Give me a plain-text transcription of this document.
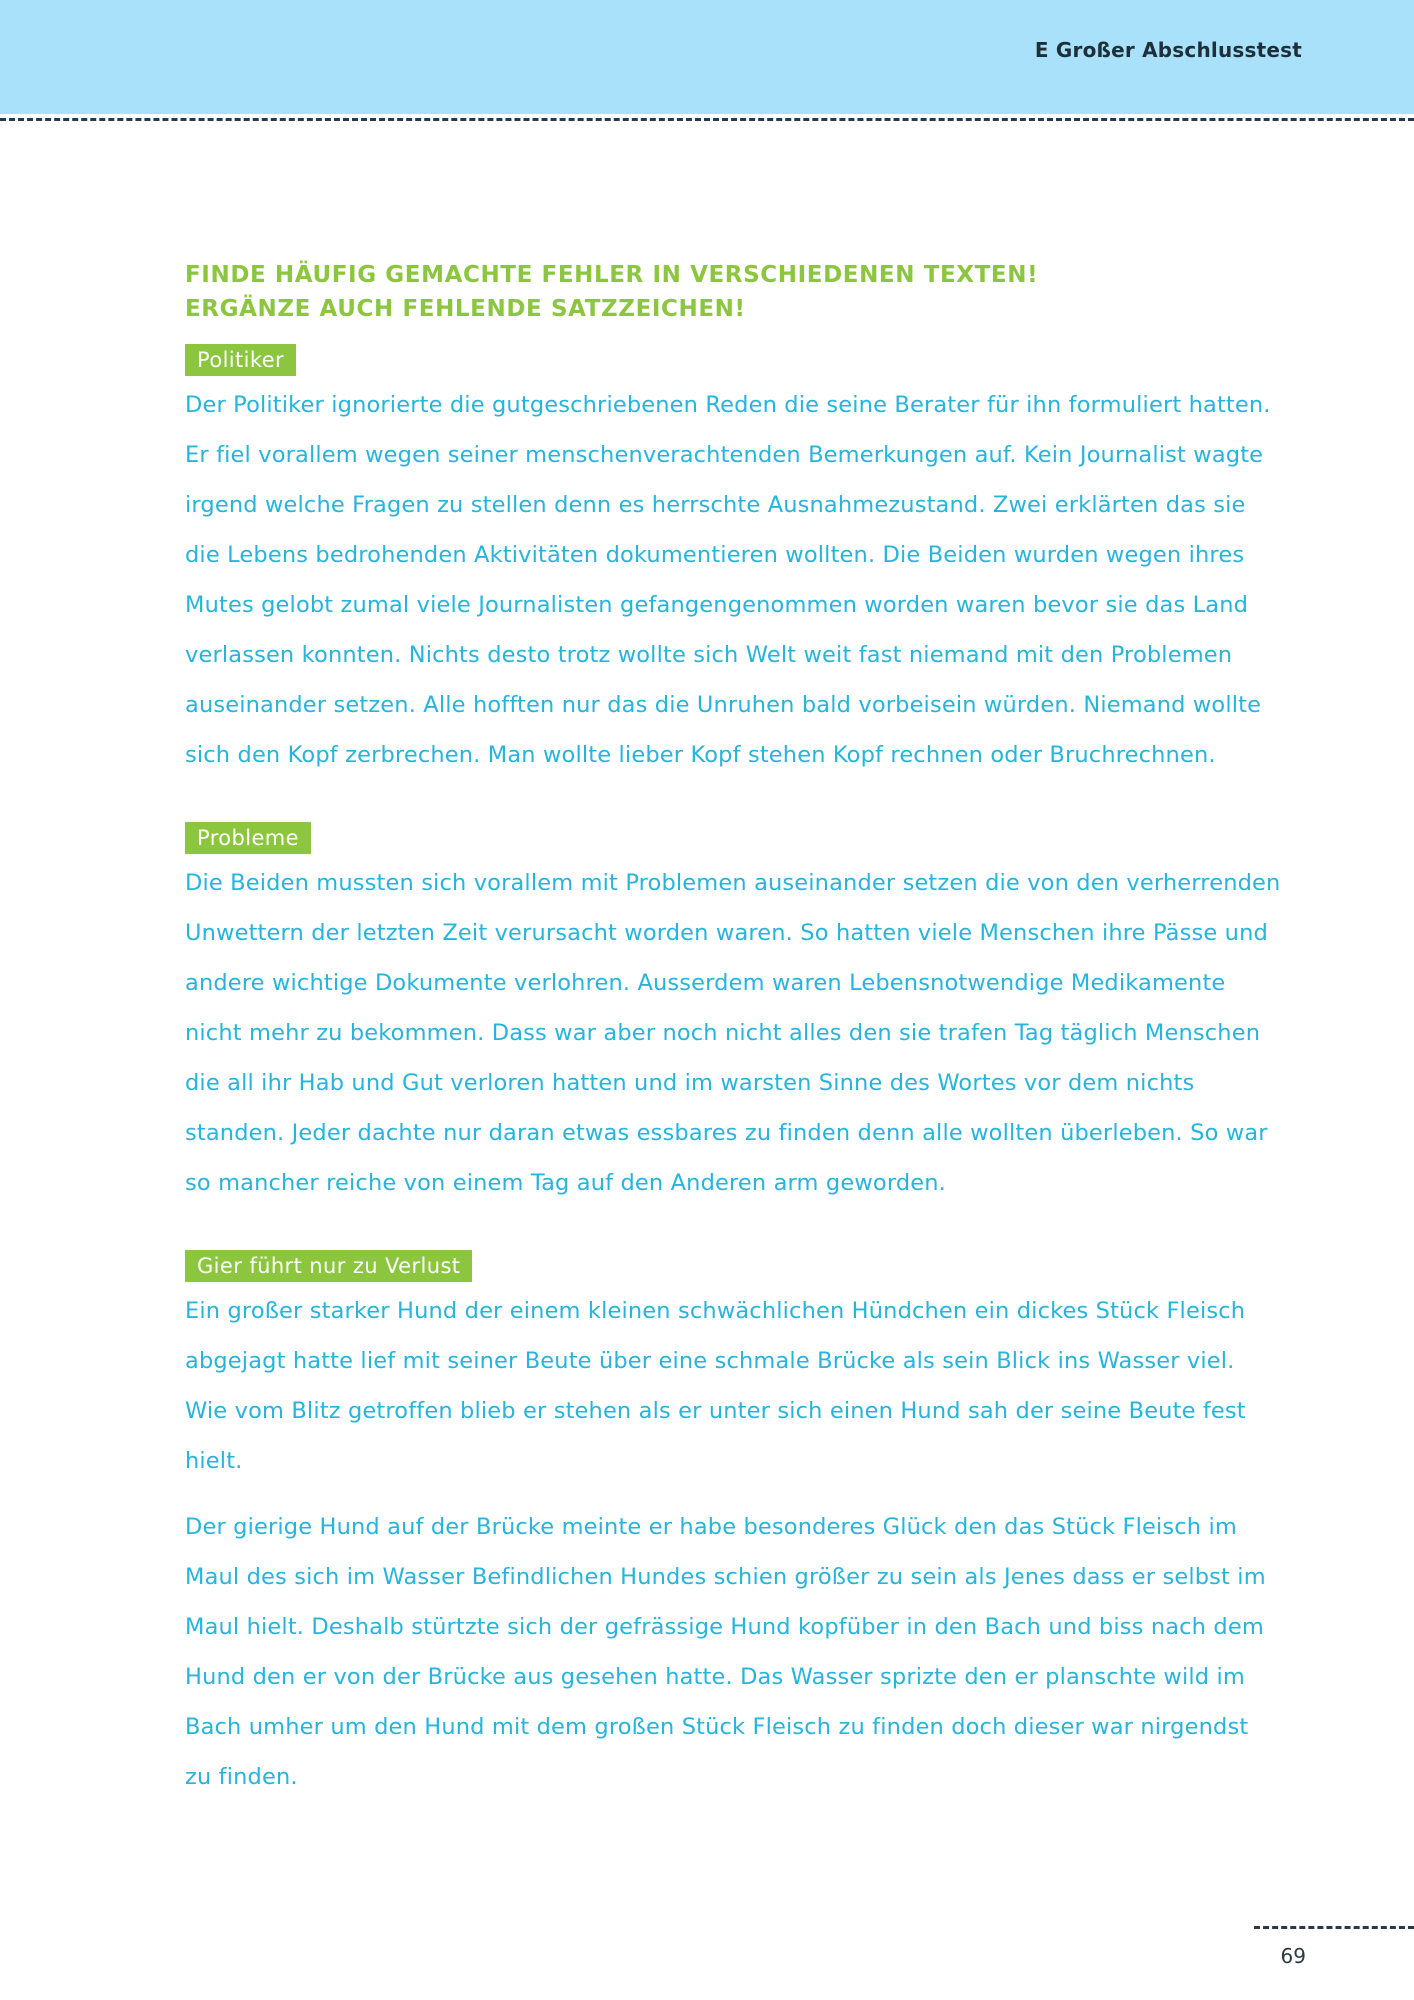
E Großer Abschlusstest
FINDE HÄUFIG GEMACHTE FEHLER IN VERSCHIEDENEN TEXTEN!
ERGÄNZE AUCH FEHLENDE SATZZEICHEN!
Politiker

Der Politiker ignorierte die gutgeschriebenen Reden die seine Berater für ihn formuliert hatten.
Er fiel vorallem wegen seiner menschenverachtenden Bemerkungen auf. Kein Journalist wagte
irgend welche Fragen zu stellen denn es herrschte Ausnahmezustand. Zwei erklärten das sie
die Lebens bedrohenden Aktivitäten dokumentieren wollten. Die Beiden wurden wegen ihres
Mutes gelobt zumal viele Journalisten gefangengenommen worden waren bevor sie das Land
verlassen konnten. Nichts desto trotz wollte sich Welt weit fast niemand mit den Problemen
auseinander setzen. Alle hofften nur das die Unruhen bald vorbeisein würden. Niemand wollte
sich den Kopf zerbrechen. Man wollte lieber Kopf stehen Kopf rechnen oder Bruchrechnen.

Probleme

Die Beiden mussten sich vorallem mit Problemen auseinander setzen die von den verherrenden
Unwettern der letzten Zeit verursacht worden waren. So hatten viele Menschen ihre Pässe und
andere wichtige Dokumente verlohren. Ausserdem waren Lebensnotwendige Medikamente
nicht mehr zu bekommen. Dass war aber noch nicht alles den sie trafen Tag täglich Menschen
die all ihr Hab und Gut verloren hatten und im warsten Sinne des Wortes vor dem nichts
standen. Jeder dachte nur daran etwas essbares zu finden denn alle wollten überleben. So war
so mancher reiche von einem Tag auf den Anderen arm geworden.

Gier führt nur zu Verlust

Ein großer starker Hund der einem kleinen schwächlichen Hündchen ein dickes Stück Fleisch
abgejagt hatte lief mit seiner Beute über eine schmale Brücke als sein Blick ins Wasser viel.
Wie vom Blitz getroffen blieb er stehen als er unter sich einen Hund sah der seine Beute fest
hielt.

Der gierige Hund auf der Brücke meinte er habe besonderes Glück den das Stück Fleisch im
Maul des sich im Wasser Befindlichen Hundes schien größer zu sein als Jenes dass er selbst im
Maul hielt. Deshalb stürtzte sich der gefrässige Hund kopfüber in den Bach und biss nach dem
Hund den er von der Brücke aus gesehen hatte. Das Wasser sprizte den er planschte wild im
Bach umher um den Hund mit dem großen Stück Fleisch zu finden doch dieser war nirgendst
zu finden.

69
